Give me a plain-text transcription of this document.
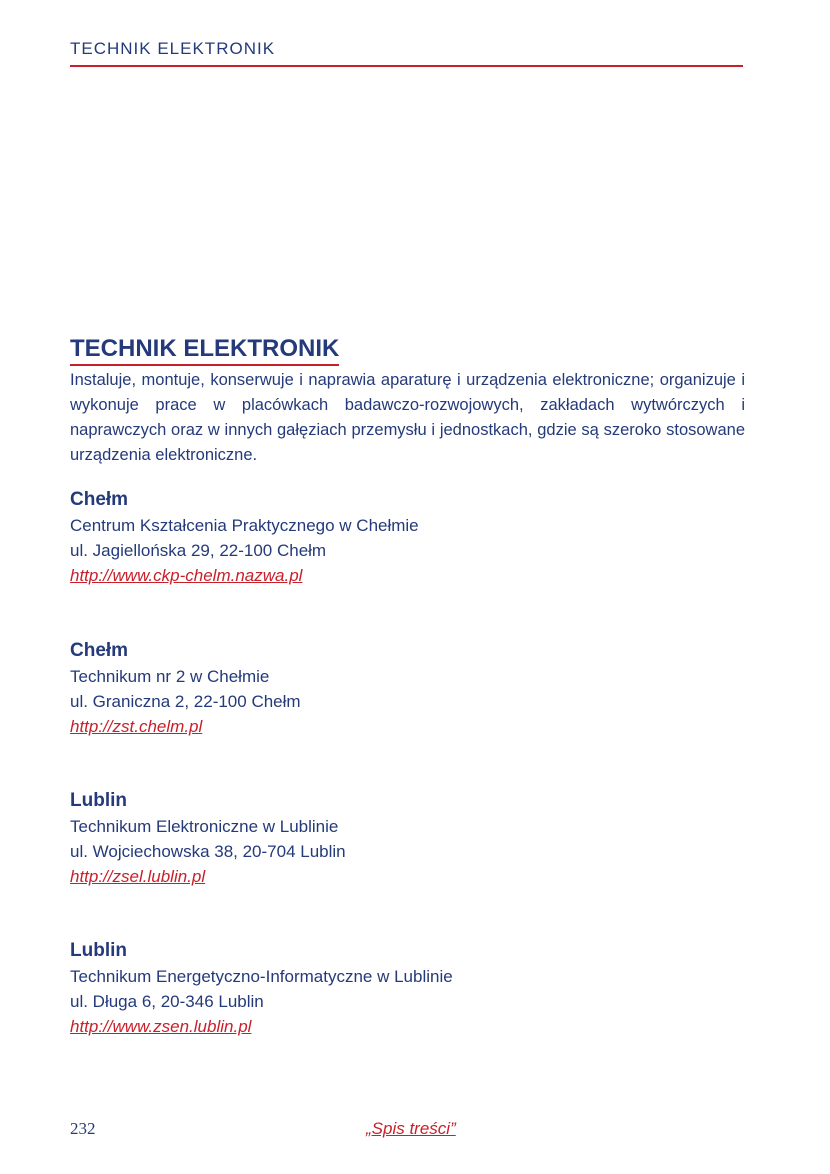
TECHNIK ELEKTRONIK
TECHNIK ELEKTRONIK

Instaluje, montuje, konserwuje i naprawia aparaturę i urządzenia elektroniczne; organizuje i wykonuje prace w placówkach badawczo-rozwojowych, zakładach wytwórczych i naprawczych oraz w innych gałęziach przemysłu i jednostkach, gdzie są szeroko stosowane urządzenia elektroniczne.

Chełm
Centrum Kształcenia Praktycznego w Chełmie
ul. Jagiellońska 29, 22-100 Chełm
http://www.ckp-chelm.nazwa.pl
Chełm
Technikum nr 2 w Chełmie
ul. Graniczna 2, 22-100 Chełm
http://zst.chelm.pl
Lublin
Technikum Elektroniczne w Lublinie
ul. Wojciechowska 38, 20-704 Lublin
http://zsel.lublin.pl
Lublin
Technikum Energetyczno-Informatyczne w Lublinie
ul. Długa 6, 20-346 Lublin
http://www.zsen.lublin.pl
232	„Spis treści”
